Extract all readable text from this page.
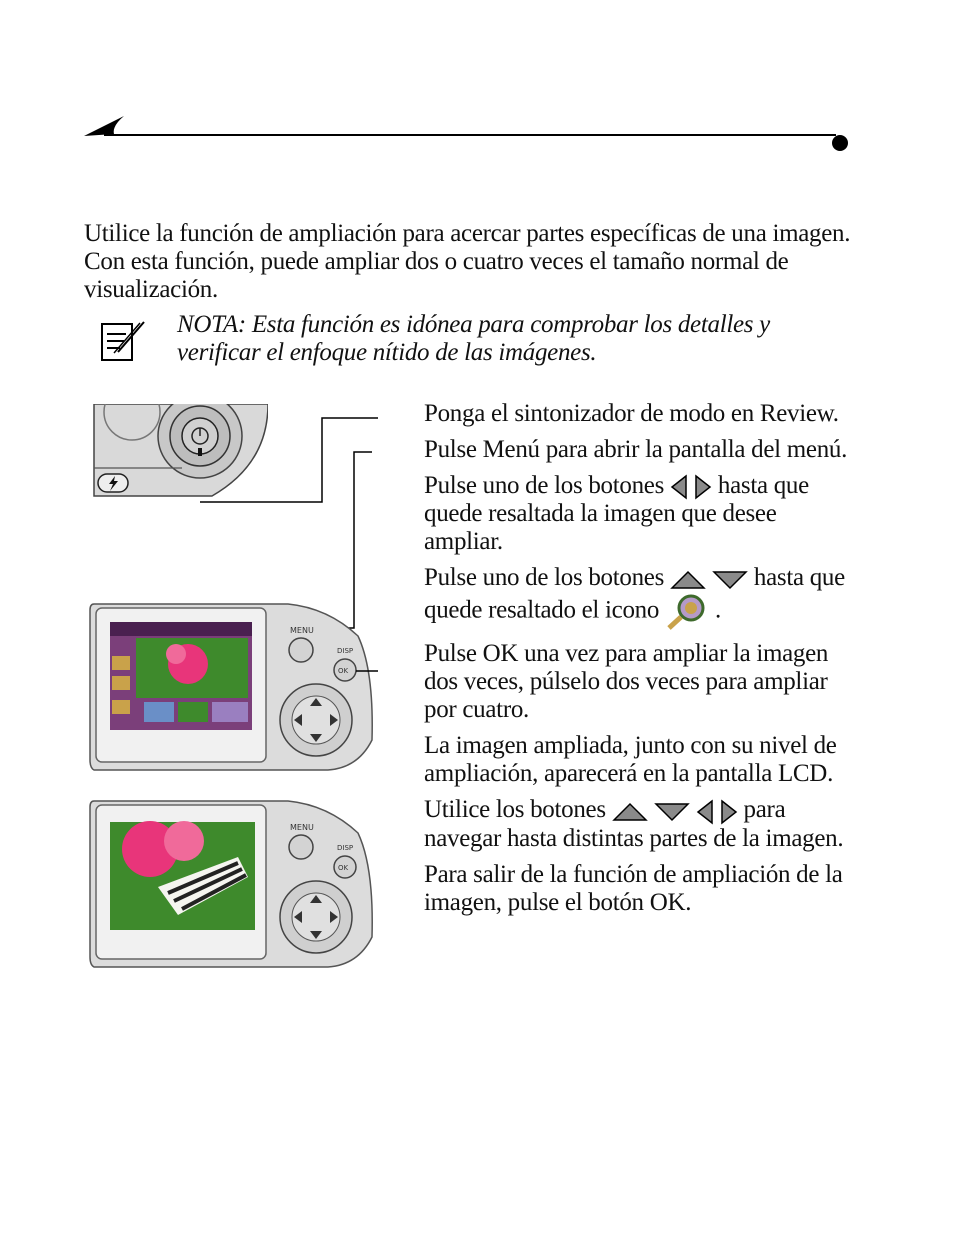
Utilice la función de ampliación para acercar partes específicas de una imagen. Con esta función, puede ampliar dos o cuatro veces el tamaño normal de visualización.

NOTA: Esta función es idónea para comprobar los detalles y verificar el enfoque nítido de las imágenes.

MENU
OK
DISP
MENU
OK
DISP

Ponga el sintonizador de modo en Review.

Pulse Menú para abrir la pantalla del menú.

Pulse uno de los botones hasta que quede resaltada la imagen que desee ampliar.

Pulse uno de los botones	hasta que quede resaltado el icono .

Pulse OK una vez para ampliar la imagen dos veces, púlselo dos veces para ampliar por cuatro.

La imagen ampliada, junto con su nivel de ampliación, aparecerá en la pantalla LCD.

Utilice los botones	para navegar hasta distintas partes de la imagen.

Para salir de la función de ampliación de la imagen, pulse el botón OK.
